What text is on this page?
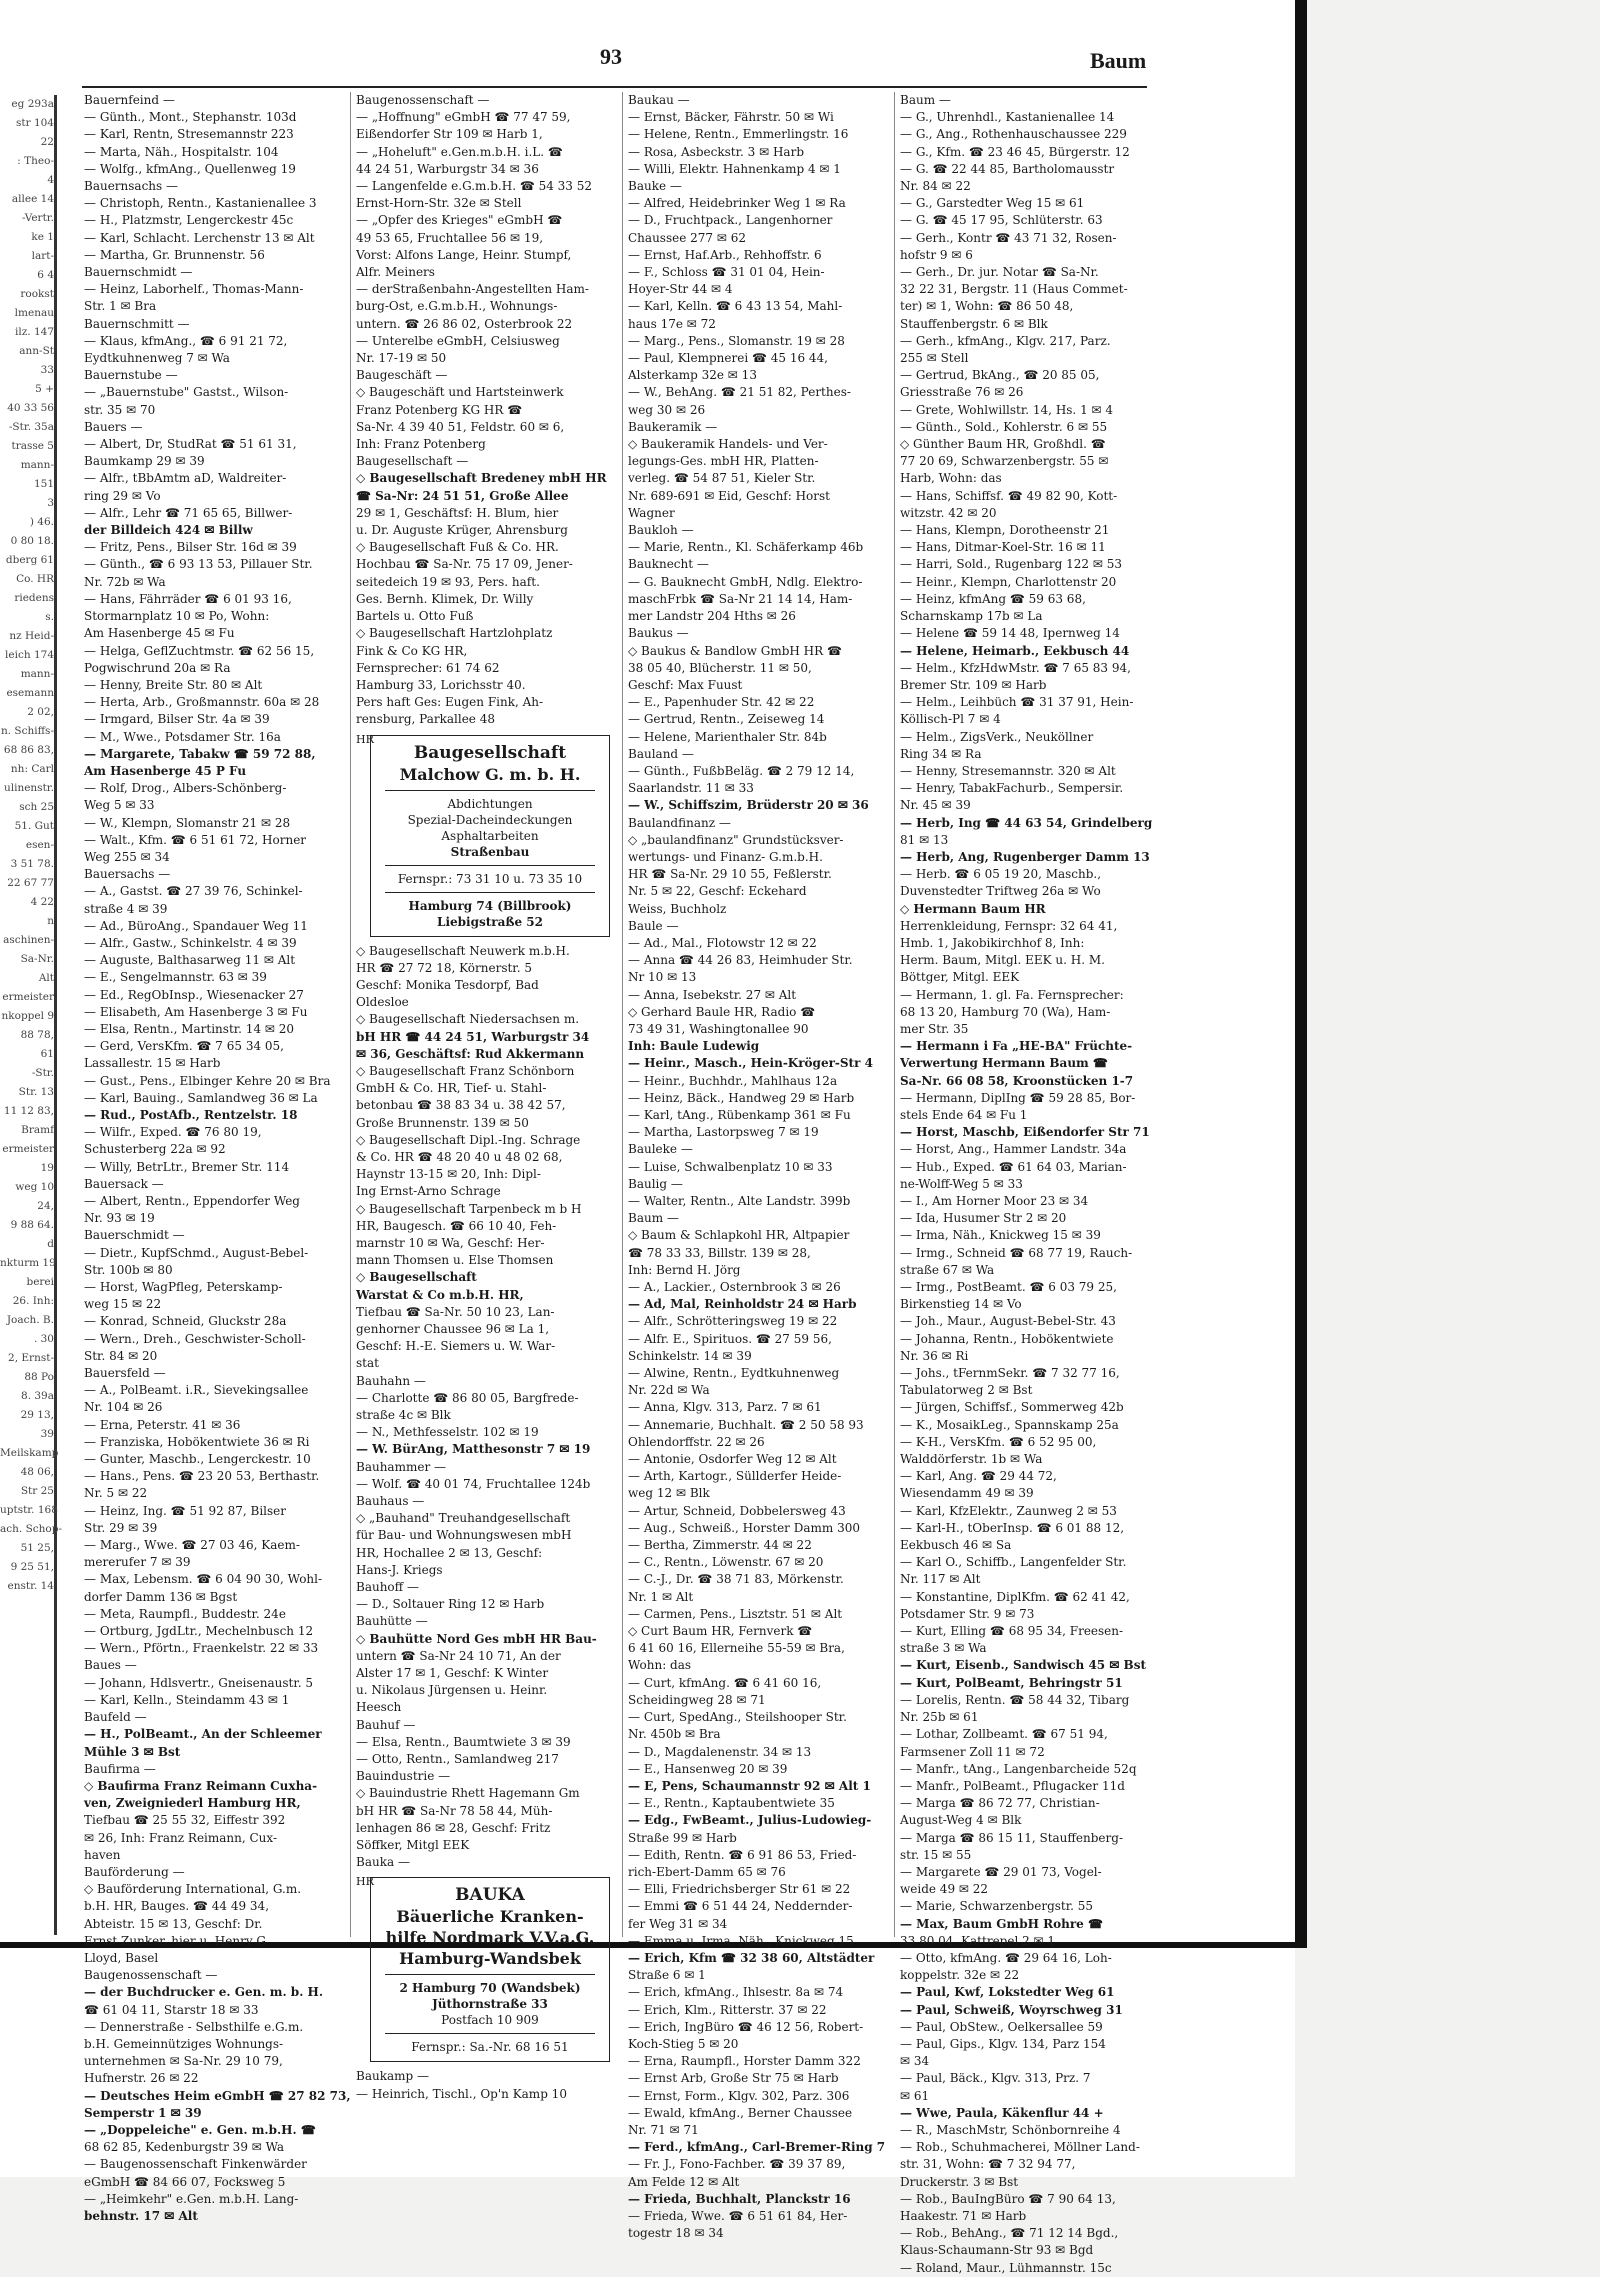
93	Baum
eg 293a
str 104
22
: Theo-
4
allee 14
-Vertr.
ke 1
lart-
6 4
rookst
lmenau
ilz. 147
ann-St
33
5 +
40 33 56
-Str. 35a
trasse 5
mann-
151
3
) 46.
0 80 18.
dberg 61
Co. HR
riedens
s.
nz Heid-
leich 174
mann-
esemann
2 02,
n. Schiffs-
68 86 83,
nh: Carl
ulinenstr.
sch 25
51. Gut
esen-
3 51 78.
22 67 77
4 22
n
aschinen-
Sa-Nr.
Alt
ermeister
nkoppel 9
88 78,
61
-Str.
Str. 13
11 12 83,
Bramf
ermeister
19
weg 10
24,
9 88 64.
d
nkturm 19
berei
26. Inh:
Joach. B.
. 30
2, Ernst-
88 Po
8. 39a
29 13,
39
Meilskamp
48 06,
Str 25
uptstr. 168
ach. Schop-
51 25,
9 25 51,
enstr. 14
Bauernfeind —
— Günth., Mont., Stephanstr. 103d
— Karl, Rentn, Stresemannstr 223
— Marta, Näh., Hospitalstr. 104
— Wolfg., kfmAng., Quellenweg 19
Bauernsachs —
— Christoph, Rentn., Kastanienallee 3
— H., Platzmstr, Lengerckestr 45c
— Karl, Schlacht. Lerchenstr 13 ✉ Alt
— Martha, Gr. Brunnenstr. 56
Bauernschmidt —
— Heinz, Laborhelf., Thomas-Mann-
Str. 1 ✉ Bra
Bauernschmitt —
— Klaus, kfmAng., ☎ 6 91 21 72,
Eydtkuhnenweg 7 ✉ Wa
Bauernstube —
— „Bauernstube" Gastst., Wilson-
str. 35 ✉ 70
Bauers —
— Albert, Dr, StudRat ☎ 51 61 31,
Baumkamp 29 ✉ 39
— Alfr., tBbAmtm aD, Waldreiter-
ring 29 ✉ Vo
— Alfr., Lehr ☎ 71 65 65, Billwer-
der Billdeich 424 ✉ Billw
— Fritz, Pens., Bilser Str. 16d ✉ 39
— Günth., ☎ 6 93 13 53, Pillauer Str.
Nr. 72b ✉ Wa
— Hans, Fährräder ☎ 6 01 93 16,
Stormarnplatz 10 ✉ Po, Wohn:
Am Hasenberge 45 ✉ Fu
— Helga, GeflZuchtmstr. ☎ 62 56 15,
Pogwischrund 20a ✉ Ra
— Henny, Breite Str. 80 ✉ Alt
— Herta, Arb., Großmannstr. 60a ✉ 28
— Irmgard, Bilser Str. 4a ✉ 39
— M., Wwe., Potsdamer Str. 16a
— Margarete, Tabakw ☎ 59 72 88,
Am Hasenberge 45 P Fu
— Rolf, Drog., Albers-Schönberg-
Weg 5 ✉ 33
— W., Klempn, Slomanstr 21 ✉ 28
— Walt., Kfm. ☎ 6 51 61 72, Horner
Weg 255 ✉ 34
Bauersachs —
— A., Gastst. ☎ 27 39 76, Schinkel-
straße 4 ✉ 39
— Ad., BüroAng., Spandauer Weg 11
— Alfr., Gastw., Schinkelstr. 4 ✉ 39
— Auguste, Balthasarweg 11 ✉ Alt
— E., Sengelmannstr. 63 ✉ 39
— Ed., RegObInsp., Wiesenacker 27
— Elisabeth, Am Hasenberge 3 ✉ Fu
— Elsa, Rentn., Martinstr. 14 ✉ 20
— Gerd, VersKfm. ☎ 7 65 34 05,
Lassallestr. 15 ✉ Harb
— Gust., Pens., Elbinger Kehre 20 ✉ Bra
— Karl, Bauing., Samlandweg 36 ✉ La
— Rud., PostAfb., Rentzelstr. 18
— Wilfr., Exped. ☎ 76 80 19,
Schusterberg 22a ✉ 92
— Willy, BetrLtr., Bremer Str. 114
Bauersack —
— Albert, Rentn., Eppendorfer Weg
Nr. 93 ✉ 19
Bauerschmidt —
— Dietr., KupfSchmd., August-Bebel-
Str. 100b ✉ 80
— Horst, WagPfleg, Peterskamp-
weg 15 ✉ 22
— Konrad, Schneid, Gluckstr 28a
— Wern., Dreh., Geschwister-Scholl-
Str. 84 ✉ 20
Bauersfeld —
— A., PolBeamt. i.R., Sievekingsallee
Nr. 104 ✉ 26
— Erna, Peterstr. 41 ✉ 36
— Franziska, Hobökentwiete 36 ✉ Ri
— Gunter, Maschb., Lengerckestr. 10
— Hans., Pens. ☎ 23 20 53, Berthastr.
Nr. 5 ✉ 22
— Heinz, Ing. ☎ 51 92 87, Bilser
Str. 29 ✉ 39
— Marg., Wwe. ☎ 27 03 46, Kaem-
mererufer 7 ✉ 39
— Max, Lebensm. ☎ 6 04 90 30, Wohl-
dorfer Damm 136 ✉ Bgst
— Meta, Raumpfl., Buddestr. 24e
— Ortburg, JgdLtr., Mechelnbusch 12
— Wern., Pförtn., Fraenkelstr. 22 ✉ 33
Baues —
— Johann, Hdlsvertr., Gneisenaustr. 5
— Karl, Kelln., Steindamm 43 ✉ 1
Baufeld —
— H., PolBeamt., An der Schleemer
Mühle 3 ✉ Bst
Baufirma —
◇ Baufirma Franz Reimann Cuxha-
ven, Zweigniederl Hamburg HR,
Tiefbau ☎ 25 55 32, Eiffestr 392
✉ 26, Inh: Franz Reimann, Cux-
haven
Bauförderung —
◇ Bauförderung International, G.m.
b.H. HR, Bauges. ☎ 44 49 34,
Abteistr. 15 ✉ 13, Geschf: Dr.
Ernst Zunker, hier u. Henry G.
Lloyd, Basel
Baugenossenschaft —
— der Buchdrucker e. Gen. m. b. H.
☎ 61 04 11, Starstr 18 ✉ 33
— Dennerstraße - Selbsthilfe e.G.m.
b.H. Gemeinnütziges Wohnungs-
unternehmen ✉ Sa-Nr. 29 10 79,
Hufnerstr. 26 ✉ 22
— Deutsches Heim eGmbH ☎ 27 82 73,
Semperstr 1 ✉ 39
— „Doppeleiche" e. Gen. m.b.H. ☎
68 62 85, Kedenburgstr 39 ✉ Wa
— Baugenossenschaft Finkenwärder
eGmbH ☎ 84 66 07, Focksweg 5
— „Heimkehr" e.Gen. m.b.H. Lang-
behnstr. 17 ✉ Alt
Baugenossenschaft —
— „Hoffnung" eGmbH ☎ 77 47 59,
Eißendorfer Str 109 ✉ Harb 1,
— „Hoheluft" e.Gen.m.b.H. i.L. ☎
44 24 51, Warburgstr 34 ✉ 36
— Langenfelde e.G.m.b.H. ☎ 54 33 52
Ernst-Horn-Str. 32e ✉ Stell
— „Opfer des Krieges" eGmbH ☎
49 53 65, Fruchtallee 56 ✉ 19,
Vorst: Alfons Lange, Heinr. Stumpf,
Alfr. Meiners
— derStraßenbahn-Angestellten Ham-
burg-Ost, e.G.m.b.H., Wohnungs-
untern. ☎ 26 86 02, Osterbrook 22
— Unterelbe eGmbH, Celsiusweg
Nr. 17-19 ✉ 50
Baugeschäft —
◇ Baugeschäft und Hartsteinwerk
Franz Potenberg KG HR ☎
Sa-Nr. 4 39 40 51, Feldstr. 60 ✉ 6,
Inh: Franz Potenberg
Baugesellschaft —
◇ Baugesellschaft Bredeney mbH HR
☎ Sa-Nr: 24 51 51, Große Allee
29 ✉ 1, Geschäftsf: H. Blum, hier
u. Dr. Auguste Krüger, Ahrensburg
◇ Baugesellschaft Fuß & Co. HR.
Hochbau ☎ Sa-Nr. 75 17 09, Jener-
seitedeich 19 ✉ 93, Pers. haft.
Ges. Bernh. Klimek, Dr. Willy
Bartels u. Otto Fuß
◇ Baugesellschaft Hartzlohplatz
Fink & Co KG HR,
Fernsprecher: 61 74 62
Hamburg 33, Lorichsstr 40.
Pers haft Ges: Eugen Fink, Ah-
rensburg, Parkallee 48
HR
Baugesellschaft
Malchow G. m. b. H.
Abdichtungen
Spezial-Dacheindeckungen
Asphaltarbeiten
Straßenbau
Fernspr.: 73 31 10 u. 73 35 10
Hamburg 74 (Billbrook)
Liebigstraße 52
◇ Baugesellschaft Neuwerk m.b.H.
HR ☎ 27 72 18, Körnerstr. 5
Geschf: Monika Tesdorpf, Bad
Oldesloe
◇ Baugesellschaft Niedersachsen m.
bH HR ☎ 44 24 51, Warburgstr 34
✉ 36, Geschäftsf: Rud Akkermann
◇ Baugesellschaft Franz Schönborn
GmbH & Co. HR, Tief- u. Stahl-
betonbau ☎ 38 83 34 u. 38 42 57,
Große Brunnenstr. 139 ✉ 50
◇ Baugesellschaft Dipl.-Ing. Schrage
& Co. HR ☎ 48 20 40 u 48 02 68,
Haynstr 13-15 ✉ 20, Inh: Dipl-
Ing Ernst-Arno Schrage
◇ Baugesellschaft Tarpenbeck m b H
HR, Baugesch. ☎ 66 10 40, Feh-
marnstr 10 ✉ Wa, Geschf: Her-
mann Thomsen u. Else Thomsen
◇ Baugesellschaft
Warstat & Co m.b.H. HR,
Tiefbau ☎ Sa-Nr. 50 10 23, Lan-
genhorner Chaussee 96 ✉ La 1,
Geschf: H.-E. Siemers u. W. War-
stat
Bauhahn —
— Charlotte ☎ 86 80 05, Bargfrede-
straße 4c ✉ Blk
— N., Methfesselstr. 102 ✉ 19
— W. BürAng, Matthesonstr 7 ✉ 19
Bauhammer —
— Wolf. ☎ 40 01 74, Fruchtallee 124b
Bauhaus —
◇ „Bauhand" Treuhandgesellschaft
für Bau- und Wohnungswesen mbH
HR, Hochallee 2 ✉ 13, Geschf:
Hans-J. Kriegs
Bauhoff —
— D., Soltauer Ring 12 ✉ Harb
Bauhütte —
◇ Bauhütte Nord Ges mbH HR Bau-
untern ☎ Sa-Nr 24 10 71, An der
Alster 17 ✉ 1, Geschf: K Winter
u. Nikolaus Jürgensen u. Heinr.
Heesch
Bauhuf —
— Elsa, Rentn., Baumtwiete 3 ✉ 39
— Otto, Rentn., Samlandweg 217
Bauindustrie —
◇ Bauindustrie Rhett Hagemann Gm
bH HR ☎ Sa-Nr 78 58 44, Müh-
lenhagen 86 ✉ 28, Geschf: Fritz
Söffker, Mitgl EEK
Bauka —
HR
BAUKA
Bäuerliche Kranken-
hilfe Nordmark V.V.a.G.
Hamburg-Wandsbek
2 Hamburg 70 (Wandsbek)
Jüthornstraße 33
Postfach 10 909
Fernspr.: Sa.-Nr. 68 16 51
Baukamp —
— Heinrich, Tischl., Op'n Kamp 10
Baukau —
— Ernst, Bäcker, Fährstr. 50 ✉ Wi
— Helene, Rentn., Emmerlingstr. 16
— Rosa, Asbeckstr. 3 ✉ Harb
— Willi, Elektr. Hahnenkamp 4 ✉ 1
Bauke —
— Alfred, Heidebrinker Weg 1 ✉ Ra
— D., Fruchtpack., Langenhorner
Chaussee 277 ✉ 62
— Ernst, Haf.Arb., Rehhoffstr. 6
— F., Schloss ☎ 31 01 04, Hein-
Hoyer-Str 44 ✉ 4
— Karl, Kelln. ☎ 6 43 13 54, Mahl-
haus 17e ✉ 72
— Marg., Pens., Slomanstr. 19 ✉ 28
— Paul, Klempnerei ☎ 45 16 44,
Alsterkamp 32e ✉ 13
— W., BehAng. ☎ 21 51 82, Perthes-
weg 30 ✉ 26
Baukeramik —
◇ Baukeramik Handels- und Ver-
legungs-Ges. mbH HR, Platten-
verleg. ☎ 54 87 51, Kieler Str.
Nr. 689-691 ✉ Eid, Geschf: Horst
Wagner
Baukloh —
— Marie, Rentn., Kl. Schäferkamp 46b
Bauknecht —
— G. Bauknecht GmbH, Ndlg. Elektro-
maschFrbk ☎ Sa-Nr 21 14 14, Ham-
mer Landstr 204 Hths ✉ 26
Baukus —
◇ Baukus & Bandlow GmbH HR ☎
38 05 40, Blücherstr. 11 ✉ 50,
Geschf: Max Fuust
— E., Papenhuder Str. 42 ✉ 22
— Gertrud, Rentn., Zeiseweg 14
— Helene, Marienthaler Str. 84b
Bauland —
— Günth., FußbBeläg. ☎ 2 79 12 14,
Saarlandstr. 11 ✉ 33
— W., Schiffszim, Brüderstr 20 ✉ 36
Baulandfinanz —
◇ „baulandfinanz" Grundstücksver-
wertungs- und Finanz- G.m.b.H.
HR ☎ Sa-Nr. 29 10 55, Feßlerstr.
Nr. 5 ✉ 22, Geschf: Eckehard
Weiss, Buchholz
Baule —
— Ad., Mal., Flotowstr 12 ✉ 22
— Anna ☎ 44 26 83, Heimhuder Str.
Nr 10 ✉ 13
— Anna, Isebekstr. 27 ✉ Alt
◇ Gerhard Baule HR, Radio ☎
73 49 31, Washingtonallee 90
Inh: Baule Ludewig
— Heinr., Masch., Hein-Kröger-Str 4
— Heinr., Buchhdr., Mahlhaus 12a
— Heinz, Bäck., Handweg 29 ✉ Harb
— Karl, tAng., Rübenkamp 361 ✉ Fu
— Martha, Lastorpsweg 7 ✉ 19
Bauleke —
— Luise, Schwalbenplatz 10 ✉ 33
Baulig —
— Walter, Rentn., Alte Landstr. 399b
Baum —
◇ Baum & Schlapkohl HR, Altpapier
☎ 78 33 33, Billstr. 139 ✉ 28,
Inh: Bernd H. Jörg
— A., Lackier., Osternbrook 3 ✉ 26
— Ad, Mal, Reinholdstr 24 ✉ Harb
— Alfr., Schrötteringsweg 19 ✉ 22
— Alfr. E., Spirituos. ☎ 27 59 56,
Schinkelstr. 14 ✉ 39
— Alwine, Rentn., Eydtkuhnenweg
Nr. 22d ✉ Wa
— Anna, Klgv. 313, Parz. 7 ✉ 61
— Annemarie, Buchhalt. ☎ 2 50 58 93
Ohlendorffstr. 22 ✉ 26
— Antonie, Osdorfer Weg 12 ✉ Alt
— Arth, Kartogr., Süllderfer Heide-
weg 12 ✉ Blk
— Artur, Schneid, Dobbelersweg 43
— Aug., Schweiß., Horster Damm 300
— Bertha, Zimmerstr. 44 ✉ 22
— C., Rentn., Löwenstr. 67 ✉ 20
— C.-J., Dr. ☎ 38 71 83, Mörkenstr.
Nr. 1 ✉ Alt
— Carmen, Pens., Lisztstr. 51 ✉ Alt
◇ Curt Baum HR, Fernverk ☎
6 41 60 16, Ellerneihe 55-59 ✉ Bra,
Wohn: das
— Curt, kfmAng. ☎ 6 41 60 16,
Scheidingweg 28 ✉ 71
— Curt, SpedAng., Steilshooper Str.
Nr. 450b ✉ Bra
— D., Magdalenenstr. 34 ✉ 13
— E., Hansenweg 20 ✉ 39
— E, Pens, Schaumannstr 92 ✉ Alt 1
— E., Rentn., Kaptaubentwiete 35
— Edg., FwBeamt., Julius-Ludowieg-
Straße 99 ✉ Harb
— Edith, Rentn. ☎ 6 91 86 53, Fried-
rich-Ebert-Damm 65 ✉ 76
— Elli, Friedrichsberger Str 61 ✉ 22
— Emmi ☎ 6 51 44 24, Neddernder-
fer Weg 31 ✉ 34
— Emma u. Irma, Näh., Knickweg 15
— Erich, Kfm ☎ 32 38 60, Altstädter
Straße 6 ✉ 1
— Erich, kfmAng., Ihlsestr. 8a ✉ 74
— Erich, Klm., Ritterstr. 37 ✉ 22
— Erich, IngBüro ☎ 46 12 56, Robert-
Koch-Stieg 5 ✉ 20
— Erna, Raumpfl., Horster Damm 322
— Ernst Arb, Große Str 75 ✉ Harb
— Ernst, Form., Klgv. 302, Parz. 306
— Ewald, kfmAng., Berner Chaussee
Nr. 71 ✉ 71
— Ferd., kfmAng., Carl-Bremer-Ring 7
— Fr. J., Fono-Fachber. ☎ 39 37 89,
Am Felde 12 ✉ Alt
— Frieda, Buchhalt, Planckstr 16
— Frieda, Wwe. ☎ 6 51 61 84, Her-
togestr 18 ✉ 34
Baum —
— G., Uhrenhdl., Kastanienallee 14
— G., Ang., Rothenhauschaussee 229
— G., Kfm. ☎ 23 46 45, Bürgerstr. 12
— G. ☎ 22 44 85, Bartholomausstr
Nr. 84 ✉ 22
— G., Garstedter Weg 15 ✉ 61
— G. ☎ 45 17 95, Schlüterstr. 63
— Gerh., Kontr ☎ 43 71 32, Rosen-
hofstr 9 ✉ 6
— Gerh., Dr. jur. Notar ☎ Sa-Nr.
32 22 31, Bergstr. 11 (Haus Commet-
ter) ✉ 1, Wohn: ☎ 86 50 48,
Stauffenbergstr. 6 ✉ Blk
— Gerh., kfmAng., Klgv. 217, Parz.
255 ✉ Stell
— Gertrud, BkAng., ☎ 20 85 05,
Griesstraße 76 ✉ 26
— Grete, Wohlwillstr. 14, Hs. 1 ✉ 4
— Günth., Sold., Kohlerstr. 6 ✉ 55
◇ Günther Baum HR, Großhdl. ☎
77 20 69, Schwarzenbergstr. 55 ✉
Harb, Wohn: das
— Hans, Schiffsf. ☎ 49 82 90, Kott-
witzstr. 42 ✉ 20
— Hans, Klempn, Dorotheenstr 21
— Hans, Ditmar-Koel-Str. 16 ✉ 11
— Harri, Sold., Rugenbarg 122 ✉ 53
— Heinr., Klempn, Charlottenstr 20
— Heinz, kfmAng ☎ 59 63 68,
Scharnskamp 17b ✉ La
— Helene ☎ 59 14 48, Ipernweg 14
— Helene, Heimarb., Eekbusch 44
— Helm., KfzHdwMstr. ☎ 7 65 83 94,
Bremer Str. 109 ✉ Harb
— Helm., Leihbüch ☎ 31 37 91, Hein-
Köllisch-Pl 7 ✉ 4
— Helm., ZigsVerk., Neuköllner
Ring 34 ✉ Ra
— Henny, Stresemannstr. 320 ✉ Alt
— Henry, TabakFachurb., Sempersir.
Nr. 45 ✉ 39
— Herb, Ing ☎ 44 63 54, Grindelberg
81 ✉ 13
— Herb, Ang, Rugenberger Damm 13
— Herb. ☎ 6 05 19 20, Maschb.,
Duvenstedter Triftweg 26a ✉ Wo
◇ Hermann Baum HR
Herrenkleidung, Fernspr: 32 64 41,
Hmb. 1, Jakobikirchhof 8, Inh:
Herm. Baum, Mitgl. EEK u. H. M.
Böttger, Mitgl. EEK
— Hermann, 1. gl. Fa. Fernsprecher:
68 13 20, Hamburg 70 (Wa), Ham-
mer Str. 35
— Hermann i Fa „HE-BA" Früchte-
Verwertung Hermann Baum ☎
Sa-Nr. 66 08 58, Kroonstücken 1-7
— Hermann, DiplIng ☎ 59 28 85, Bor-
stels Ende 64 ✉ Fu 1
— Horst, Maschb, Eißendorfer Str 71
— Horst, Ang., Hammer Landstr. 34a
— Hub., Exped. ☎ 61 64 03, Marian-
ne-Wolff-Weg 5 ✉ 33
— I., Am Horner Moor 23 ✉ 34
— Ida, Husumer Str 2 ✉ 20
— Irma, Näh., Knickweg 15 ✉ 39
— Irmg., Schneid ☎ 68 77 19, Rauch-
straße 67 ✉ Wa
— Irmg., PostBeamt. ☎ 6 03 79 25,
Birkenstieg 14 ✉ Vo
— Joh., Maur., August-Bebel-Str. 43
— Johanna, Rentn., Hobökentwiete
Nr. 36 ✉ Ri
— Johs., tFernmSekr. ☎ 7 32 77 16,
Tabulatorweg 2 ✉ Bst
— Jürgen, Schiffsf., Sommerweg 42b
— K., MosaikLeg., Spannskamp 25a
— K-H., VersKfm. ☎ 6 52 95 00,
Walddörferstr. 1b ✉ Wa
— Karl, Ang. ☎ 29 44 72,
Wiesendamm 49 ✉ 39
— Karl, KfzElektr., Zaunweg 2 ✉ 53
— Karl-H., tOberInsp. ☎ 6 01 88 12,
Eekbusch 46 ✉ Sa
— Karl O., Schiffb., Langenfelder Str.
Nr. 117 ✉ Alt
— Konstantine, DiplKfm. ☎ 62 41 42,
Potsdamer Str. 9 ✉ 73
— Kurt, Elling ☎ 68 95 34, Freesen-
straße 3 ✉ Wa
— Kurt, Eisenb., Sandwisch 45 ✉ Bst
— Kurt, PolBeamt, Behringstr 51
— Lorelis, Rentn. ☎ 58 44 32, Tibarg
Nr. 25b ✉ 61
— Lothar, Zollbeamt. ☎ 67 51 94,
Farmsener Zoll 11 ✉ 72
— Manfr., tAng., Langenbarcheide 52q
— Manfr., PolBeamt., Pflugacker 11d
— Marga ☎ 86 72 77, Christian-
August-Weg 4 ✉ Blk
— Marga ☎ 86 15 11, Stauffenberg-
str. 15 ✉ 55
— Margarete ☎ 29 01 73, Vogel-
weide 49 ✉ 22
— Marie, Schwarzenbergstr. 55
— Max, Baum GmbH Rohre ☎
33 80 04, Kattrepel 2 ✉ 1
— Otto, kfmAng. ☎ 29 64 16, Loh-
koppelstr. 32e ✉ 22
— Paul, Kwf, Lokstedter Weg 61
— Paul, Schweiß, Woyrschweg 31
— Paul, ObStew., Oelkersallee 59
— Paul, Gips., Klgv. 134, Parz 154
✉ 34
— Paul, Bäck., Klgv. 313, Prz. 7
✉ 61
— Wwe, Paula, Käkenflur 44 +
— R., MaschMstr, Schönbornreihe 4
— Rob., Schuhmacherei, Möllner Land-
str. 31, Wohn: ☎ 7 32 94 77,
Druckerstr. 3 ✉ Bst
— Rob., BauIngBüro ☎ 7 90 64 13,
Haakestr. 71 ✉ Harb
— Rob., BehAng., ☎ 71 12 14 Bgd.,
Klaus-Schaumann-Str 93 ✉ Bgd
— Roland, Maur., Lühmannstr. 15c
